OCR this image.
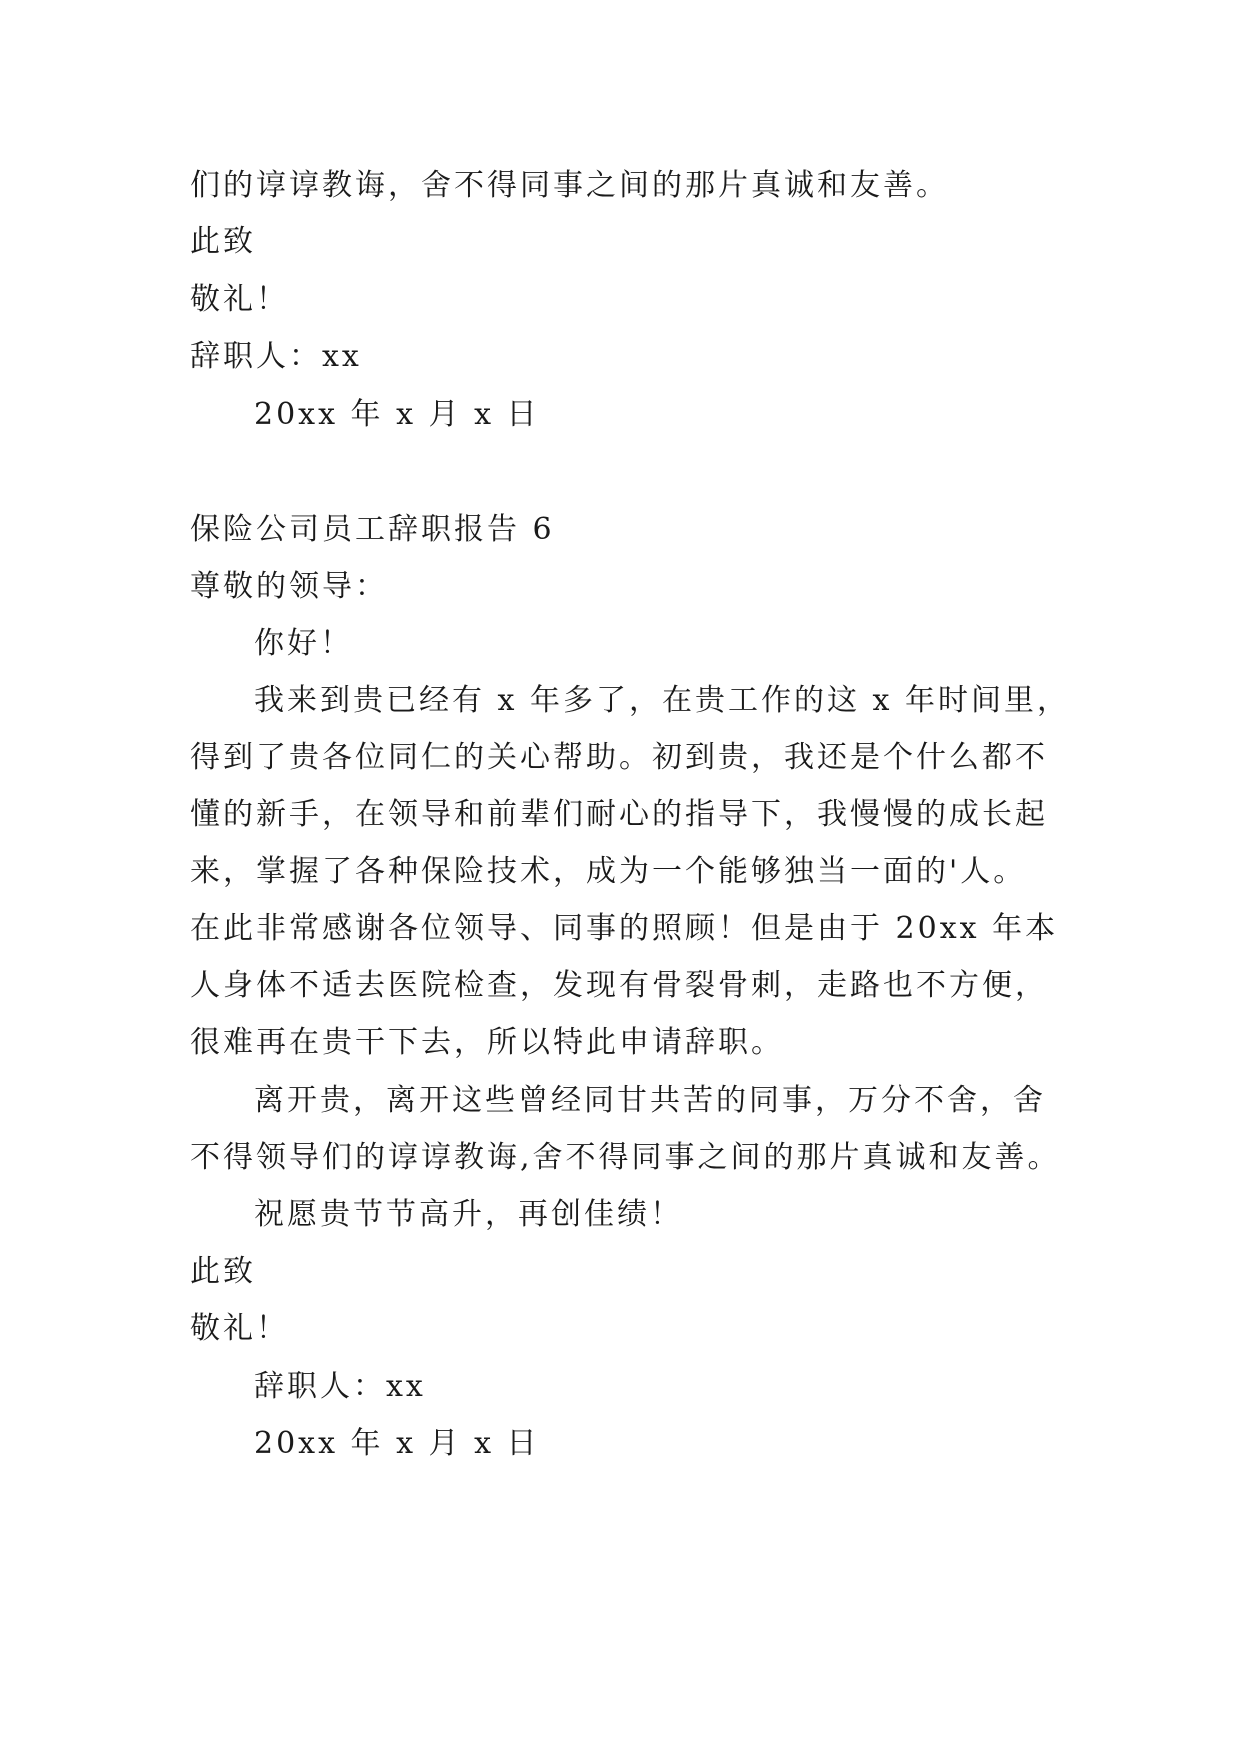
们的谆谆教诲，舍不得同事之间的那片真诚和友善。
此致
敬礼！
辞职人：xx
20xx 年 x 月 x 日
保险公司员工辞职报告 6
尊敬的领导：
你好！
我来到贵已经有 x 年多了，在贵工作的这 x 年时间里，
得到了贵各位同仁的关心帮助。初到贵，我还是个什么都不
懂的新手，在领导和前辈们耐心的指导下，我慢慢的成长起
来，掌握了各种保险技术，成为一个能够独当一面的'人。
在此非常感谢各位领导、同事的照顾！但是由于 20xx 年本
人身体不适去医院检查，发现有骨裂骨刺，走路也不方便，
很难再在贵干下去，所以特此申请辞职。
离开贵，离开这些曾经同甘共苦的同事，万分不舍，舍
不得领导们的谆谆教诲,舍不得同事之间的那片真诚和友善。
祝愿贵节节高升，再创佳绩！
此致
敬礼！
辞职人：xx
20xx 年 x 月 x 日
